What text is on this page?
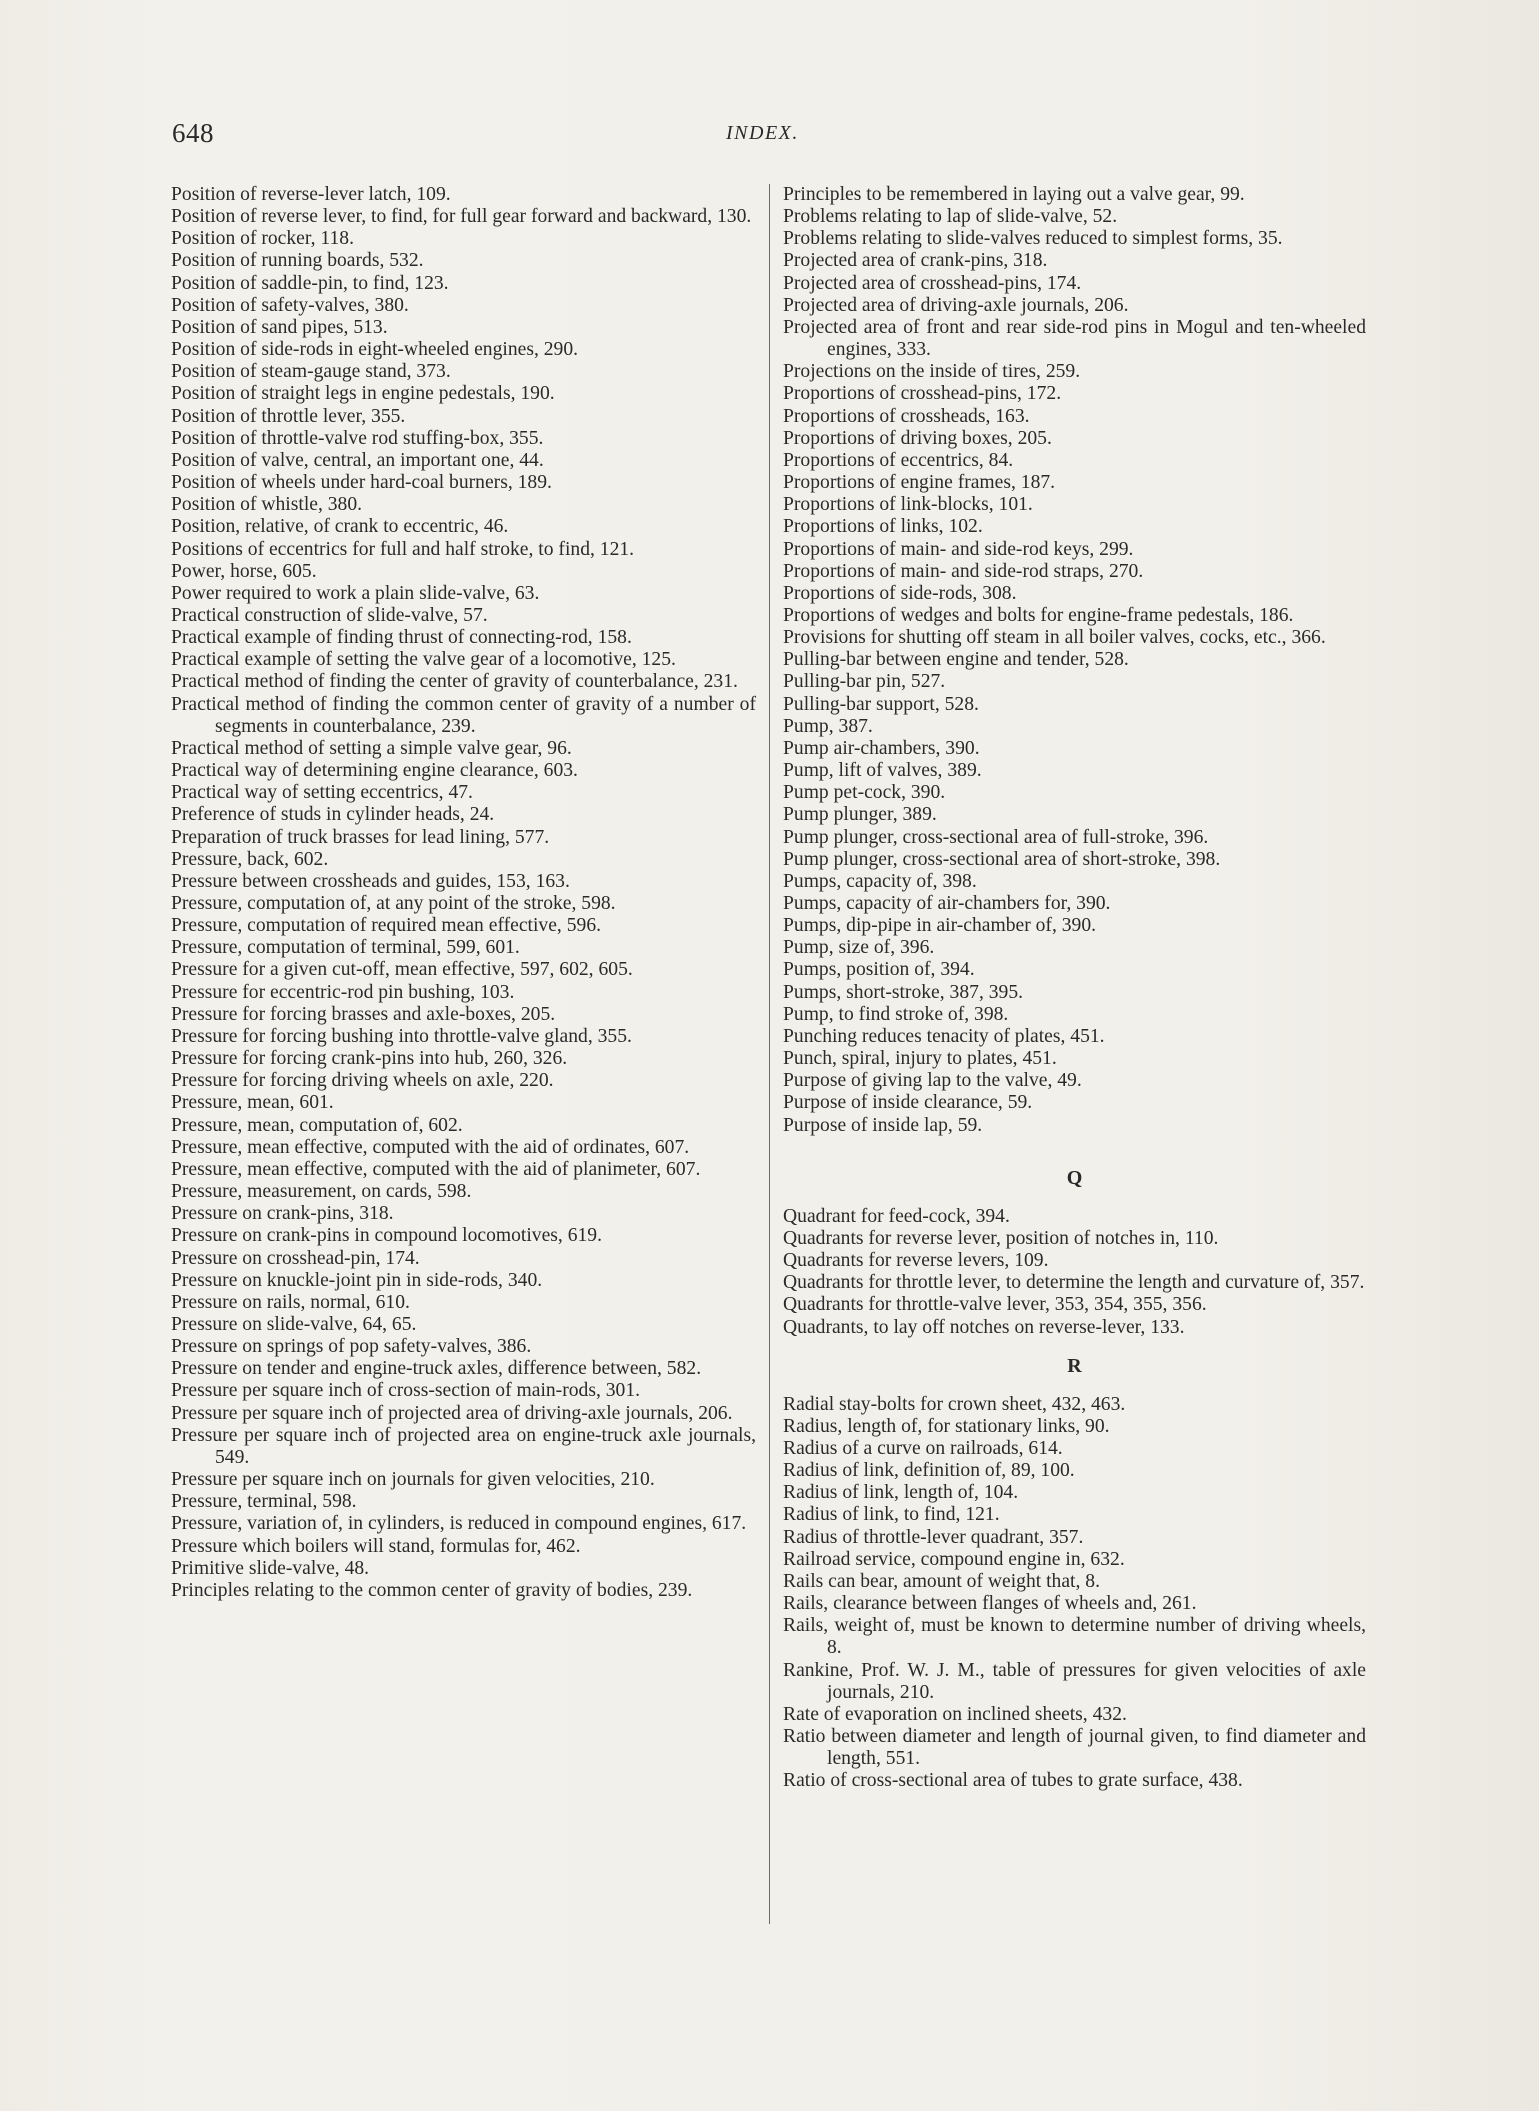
648	INDEX.
Position of reverse-lever latch, 109.
Position of reverse lever, to find, for full gear forward and backward, 130.
Position of rocker, 118.
Position of running boards, 532.
Position of saddle-pin, to find, 123.
Position of safety-valves, 380.
Position of sand pipes, 513.
Position of side-rods in eight-wheeled engines, 290.
Position of steam-gauge stand, 373.
Position of straight legs in engine pedestals, 190.
Position of throttle lever, 355.
Position of throttle-valve rod stuffing-box, 355.
Position of valve, central, an important one, 44.
Position of wheels under hard-coal burners, 189.
Position of whistle, 380.
Position, relative, of crank to eccentric, 46.
Positions of eccentrics for full and half stroke, to find, 121.
Power, horse, 605.
Power required to work a plain slide-valve, 63.
Practical construction of slide-valve, 57.
Practical example of finding thrust of connecting-rod, 158.
Practical example of setting the valve gear of a locomotive, 125.
Practical method of finding the center of gravity of counterbalance, 231.
Practical method of finding the common center of gravity of a number of segments in counterbalance, 239.
Practical method of setting a simple valve gear, 96.
Practical way of determining engine clearance, 603.
Practical way of setting eccentrics, 47.
Preference of studs in cylinder heads, 24.
Preparation of truck brasses for lead lining, 577.
Pressure, back, 602.
Pressure between crossheads and guides, 153, 163.
Pressure, computation of, at any point of the stroke, 598.
Pressure, computation of required mean effective, 596.
Pressure, computation of terminal, 599, 601.
Pressure for a given cut-off, mean effective, 597, 602, 605.
Pressure for eccentric-rod pin bushing, 103.
Pressure for forcing brasses and axle-boxes, 205.
Pressure for forcing bushing into throttle-valve gland, 355.
Pressure for forcing crank-pins into hub, 260, 326.
Pressure for forcing driving wheels on axle, 220.
Pressure, mean, 601.
Pressure, mean, computation of, 602.
Pressure, mean effective, computed with the aid of ordinates, 607.
Pressure, mean effective, computed with the aid of planimeter, 607.
Pressure, measurement, on cards, 598.
Pressure on crank-pins, 318.
Pressure on crank-pins in compound locomotives, 619.
Pressure on crosshead-pin, 174.
Pressure on knuckle-joint pin in side-rods, 340.
Pressure on rails, normal, 610.
Pressure on slide-valve, 64, 65.
Pressure on springs of pop safety-valves, 386.
Pressure on tender and engine-truck axles, difference between, 582.
Pressure per square inch of cross-section of main-rods, 301.
Pressure per square inch of projected area of driving-axle journals, 206.
Pressure per square inch of projected area on engine-truck axle journals, 549.
Pressure per square inch on journals for given velocities, 210.
Pressure, terminal, 598.
Pressure, variation of, in cylinders, is reduced in compound engines, 617.
Pressure which boilers will stand, formulas for, 462.
Primitive slide-valve, 48.
Principles relating to the common center of gravity of bodies, 239.
Principles to be remembered in laying out a valve gear, 99.
Problems relating to lap of slide-valve, 52.
Problems relating to slide-valves reduced to simplest forms, 35.
Projected area of crank-pins, 318.
Projected area of crosshead-pins, 174.
Projected area of driving-axle journals, 206.
Projected area of front and rear side-rod pins in Mogul and ten-wheeled engines, 333.
Projections on the inside of tires, 259.
Proportions of crosshead-pins, 172.
Proportions of crossheads, 163.
Proportions of driving boxes, 205.
Proportions of eccentrics, 84.
Proportions of engine frames, 187.
Proportions of link-blocks, 101.
Proportions of links, 102.
Proportions of main- and side-rod keys, 299.
Proportions of main- and side-rod straps, 270.
Proportions of side-rods, 308.
Proportions of wedges and bolts for engine-frame pedestals, 186.
Provisions for shutting off steam in all boiler valves, cocks, etc., 366.
Pulling-bar between engine and tender, 528.
Pulling-bar pin, 527.
Pulling-bar support, 528.
Pump, 387.
Pump air-chambers, 390.
Pump, lift of valves, 389.
Pump pet-cock, 390.
Pump plunger, 389.
Pump plunger, cross-sectional area of full-stroke, 396.
Pump plunger, cross-sectional area of short-stroke, 398.
Pumps, capacity of, 398.
Pumps, capacity of air-chambers for, 390.
Pumps, dip-pipe in air-chamber of, 390.
Pump, size of, 396.
Pumps, position of, 394.
Pumps, short-stroke, 387, 395.
Pump, to find stroke of, 398.
Punching reduces tenacity of plates, 451.
Punch, spiral, injury to plates, 451.
Purpose of giving lap to the valve, 49.
Purpose of inside clearance, 59.
Purpose of inside lap, 59.
Q
Quadrant for feed-cock, 394.
Quadrants for reverse lever, position of notches in, 110.
Quadrants for reverse levers, 109.
Quadrants for throttle lever, to determine the length and curvature of, 357.
Quadrants for throttle-valve lever, 353, 354, 355, 356.
Quadrants, to lay off notches on reverse-lever, 133.
R
Radial stay-bolts for crown sheet, 432, 463.
Radius, length of, for stationary links, 90.
Radius of a curve on railroads, 614.
Radius of link, definition of, 89, 100.
Radius of link, length of, 104.
Radius of link, to find, 121.
Radius of throttle-lever quadrant, 357.
Railroad service, compound engine in, 632.
Rails can bear, amount of weight that, 8.
Rails, clearance between flanges of wheels and, 261.
Rails, weight of, must be known to determine number of driving wheels, 8.
Rankine, Prof. W. J. M., table of pressures for given velocities of axle journals, 210.
Rate of evaporation on inclined sheets, 432.
Ratio between diameter and length of journal given, to find diameter and length, 551.
Ratio of cross-sectional area of tubes to grate surface, 438.
